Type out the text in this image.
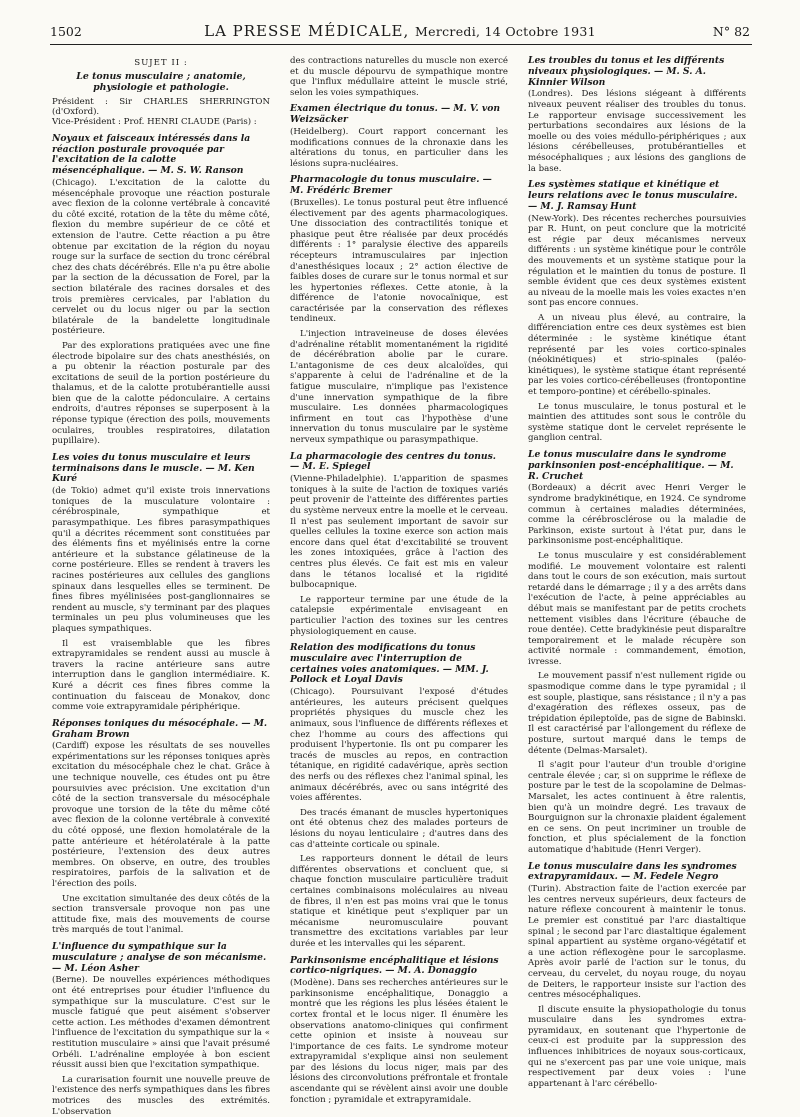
1502	LA PRESSE MÉDICALE, Mercredi, 14 Octobre 1931	N° 82
SUJET II :
Le tonus musculaire ; anatomie, physiologie et pathologie.
Président : Sir CHARLES SHERRINGTON (d'Oxford).
Vice-Président : Prof. HENRI CLAUDE (Paris) :
Noyaux et faisceaux intéressés dans la réaction posturale provoquée par l'excitation de la calotte mésencéphalique. — M. S. W. Ranson

(Chicago). L'excitation de la calotte du mésencéphale provoque une réaction posturale avec flexion de la colonne vertébrale à concavité du côté excité, rotation de la tête du même côté, flexion du membre supérieur de ce côté et extension de l'autre. Cette réaction a pu être obtenue par excitation de la région du noyau rouge sur la surface de section du tronc cérébral chez des chats décérébrés. Elle n'a pu être abolie par la section de la décussation de Forel, par la section bilatérale des racines dorsales et des trois premières cervicales, par l'ablation du cervelet ou du locus niger ou par la section bilatérale de la bandelette longitudinale postérieure.

Par des explorations pratiquées avec une fine électrode bipolaire sur des chats anesthésiés, on a pu obtenir la réaction posturale par des excitations de seuil de la portion postérieure du thalamus, et de la calotte protubérantielle aussi bien que de la calotte pédonculaire. A certains endroits, d'autres réponses se superposent à la réponse typique (érection des poils, mouvements oculaires, troubles respiratoires, dilatation pupillaire).

Les voies du tonus musculaire et leurs terminaisons dans le muscle. — M. Ken Kuré

(de Tokio) admet qu'il existe trois innervations toniques de la musculature volontaire : cérébrospinale, sympathique et parasympathique. Les fibres parasympathiques qu'il a décrites récemment sont constituées par des éléments fins et myélinisés entre la corne antérieure et la substance gélatineuse de la corne postérieure. Elles se rendent à travers les racines postérieures aux cellules des ganglions spinaux dans lesquelles elles se terminent. De fines fibres myélinisées post-ganglionnaires se rendent au muscle, s'y terminant par des plaques terminales un peu plus volumineuses que les plaques sympathiques.

Il est vraisemblable que les fibres extrapyramidales se rendent aussi au muscle à travers la racine antérieure sans autre interruption dans le ganglion intermédiaire. K. Kuré a décrit ces fines fibres comme la continuation du faisceau de Monakov, donc comme voie extrapyramidale périphérique.

Réponses toniques du mésocéphale. — M. Graham Brown

(Cardiff) expose les résultats de ses nouvelles expérimentations sur les réponses toniques après excitation du mésocéphale chez le chat. Grâce à une technique nouvelle, ces études ont pu être poursuivies avec précision. Une excitation d'un côté de la section transversale du mésocéphale provoque une torsion de la tête du même côté avec flexion de la colonne vertébrale à convexité du côté opposé, une flexion homolatérale de la patte antérieure et hétérolatérale à la patte postérieure, l'extension des deux autres membres. On observe, en outre, des troubles respiratoires, parfois de la salivation et de l'érection des poils.

Une excitation simultanée des deux côtés de la section transversale provoque non pas une attitude fixe, mais des mouvements de course très marqués de tout l'animal.

L'influence du sympathique sur la musculature ; analyse de son mécanisme. — M. Léon Asher

(Berne). De nouvelles expériences méthodiques ont été entreprises pour étudier l'influence du sympathique sur la musculature. C'est sur le muscle fatigué que peut aisément s'observer cette action. Les méthodes d'examen démontrent l'influence de l'excitation du sympathique sur la « restitution musculaire » ainsi que l'avait présumé Orbéli. L'adrénaline employée à bon escient réussit aussi bien que l'excitation sympathique.

La curarisation fournit une nouvelle preuve de l'existence des nerfs sympathiques dans les fibres motrices des muscles des extrémités. L'observation

des contractions naturelles du muscle non exercé et du muscle dépourvu de sympathique montre que l'influx médullaire atteint le muscle strié, selon les voies sympathiques.

Examen électrique du tonus. — M. V. von Weizsäcker

(Heidelberg). Court rapport concernant les modifications connues de la chronaxie dans les altérations du tonus, en particulier dans les lésions supra-nucléaires.

Pharmacologie du tonus musculaire. — M. Frédéric Bremer

(Bruxelles). Le tonus postural peut être influencé électivement par des agents pharmacologiques. Une dissociation des contractilités tonique et phasique peut être réalisée par deux procédés différents : 1° paralysie élective des appareils récepteurs intramusculaires par injection d'anesthésiques locaux ; 2° action élective de faibles doses de curare sur le tonus normal et sur les hypertonies réflexes. Cette atonie, à la différence de l'atonie novocaïnique, est caractérisée par la conservation des réflexes tendineux.

L'injection intraveineuse de doses élevées d'adrénaline rétablit momentanément la rigidité de décérébration abolie par le curare. L'antagonisme de ces deux alcaloïdes, qui s'apparente à celui de l'adrénaline et de la fatigue musculaire, n'implique pas l'existence d'une innervation sympathique de la fibre musculaire. Les données pharmacologiques infirment en tout cas l'hypothèse d'une innervation du tonus musculaire par le système nerveux sympathique ou parasympathique.

La pharmacologie des centres du tonus. — M. E. Spiegel

(Vienne-Philadelphie). L'apparition de spasmes toniques à la suite de l'action de toxiques variés peut provenir de l'atteinte des différentes parties du système nerveux entre la moelle et le cerveau. Il n'est pas seulement important de savoir sur quelles cellules la toxine exerce son action mais encore dans quel état d'excitabilité se trouvent les zones intoxiquées, grâce à l'action des centres plus élevés. Ce fait est mis en valeur dans le tétanos localisé et la rigidité bulbocapnique.

Le rapporteur termine par une étude de la catalepsie expérimentale envisageant en particulier l'action des toxines sur les centres physiologiquement en cause.

Relation des modifications du tonus musculaire avec l'interruption de certaines voies anatomiques. — MM. J. Pollock et Loyal Davis

(Chicago). Poursuivant l'exposé d'études antérieures, les auteurs précisent quelques propriétés physiques du muscle chez les animaux, sous l'influence de différents réflexes et chez l'homme au cours des affections qui produisent l'hypertonie. Ils ont pu comparer les tracés de muscles au repos, en contraction tétanique, en rigidité cadavérique, après section des nerfs ou des réflexes chez l'animal spinal, les animaux décérébrés, avec ou sans intégrité des voies afférentes.

Des tracés émanant de muscles hypertoniques ont été obtenus chez des malades porteurs de lésions du noyau lenticulaire ; d'autres dans des cas d'atteinte corticale ou spinale.

Les rapporteurs donnent le détail de leurs différentes observations et concluent que, si chaque fonction musculaire particulière traduit certaines combinaisons moléculaires au niveau de fibres, il n'en est pas moins vrai que le tonus statique et kinétique peut s'expliquer par un mécanisme neuromusculaire pouvant transmettre des excitations variables par leur durée et les intervalles qui les séparent.

Parkinsonisme encéphalitique et lésions cortico-nigriques. — M. A. Donaggio

(Modène). Dans ses recherches antérieures sur le parkinsonisme encéphalitique, Donaggio a montré que les régions les plus lésées étaient le cortex frontal et le locus niger. Il énumère les observations anatomo-cliniques qui confirment cette opinion et insiste à nouveau sur l'importance de ces faits. Le syndrome moteur extrapyramidal s'explique ainsi non seulement par des lésions du locus niger, mais par des lésions des circonvolutions préfrontale et frontale ascendante qui se révèlent ainsi avoir une double fonction ; pyramidale et extrapyramidale.

Les troubles du tonus et les différents niveaux physiologiques. — M. S. A. Kinnier Wilson

(Londres). Des lésions siégeant à différents niveaux peuvent réaliser des troubles du tonus. Le rapporteur envisage successivement les perturbations secondaires aux lésions de la moelle ou des voies médullo-périphériques ; aux lésions cérébelleuses, protubérantielles et mésocéphaliques ; aux lésions des ganglions de la base.

Les systèmes statique et kinétique et leurs relations avec le tonus musculaire. — M. J. Ramsay Hunt

(New-York). Des récentes recherches poursuivies par R. Hunt, on peut conclure que la motricité est régie par deux mécanismes nerveux différents : un système kinétique pour le contrôle des mouvements et un système statique pour la régulation et le maintien du tonus de posture. Il semble évident que ces deux systèmes existent au niveau de la moelle mais les voies exactes n'en sont pas encore connues.

A un niveau plus élevé, au contraire, la différenciation entre ces deux systèmes est bien déterminée : le système kinétique étant représenté par les voies cortico-spinales (néokinétiques) et strio-spinales (paléo-kinétiques), le système statique étant représenté par les voies cortico-cérébelleuses (frontopontine et temporo-pontine) et cérébello-spinales.

Le tonus musculaire, le tonus postural et le maintien des attitudes sont sous le contrôle du système statique dont le cervelet représente le ganglion central.

Le tonus musculaire dans le syndrome parkinsonien post-encéphalitique. — M. R. Cruchet

(Bordeaux) a décrit avec Henri Verger le syndrome bradykinétique, en 1924. Ce syndrome commun à certaines maladies déterminées, comme la cérébrosclérose ou la maladie de Parkinson, existe surtout à l'état pur, dans le parkinsonisme post-encéphalitique.

Le tonus musculaire y est considérablement modifié. Le mouvement volontaire est ralenti dans tout le cours de son exécution, mais surtout retardé dans le démarrage ; il y a des arrêts dans l'exécution de l'acte, à peine appréciables au début mais se manifestant par de petits crochets nettement visibles dans l'écriture (ébauche de roue dentée). Cette bradykinésie peut disparaître temporairement et le malade récupère son activité normale : commandement, émotion, ivresse.

Le mouvement passif n'est nullement rigide ou spasmodique comme dans le type pyramidal ; il est souple, plastique, sans résistance ; il n'y a pas d'exagération des réflexes osseux, pas de trépidation épileptoïde, pas de signe de Babinski. Il est caractérisé par l'allongement du réflexe de posture, surtout marqué dans le temps de détente (Delmas-Marsalet).

Il s'agit pour l'auteur d'un trouble d'origine centrale élevée ; car, si on supprime le réflexe de posture par le test de la scopolamine de Delmas-Marsalet, les actes continuent à être ralentis, bien qu'à un moindre degré. Les travaux de Bourguignon sur la chronaxie plaident également en ce sens. On peut incriminer un trouble de fonction, et plus spécialement de la fonction automatique d'habitude (Henri Verger).

Le tonus musculaire dans les syndromes extrapyramidaux. — M. Fedele Negro

(Turin). Abstraction faite de l'action exercée par les centres nerveux supérieurs, deux facteurs de nature réflexe concourent à maintenir le tonus. Le premier est constitué par l'arc diastaltique spinal ; le second par l'arc diastaltique également spinal appartient au système organo-végétatif et a une action réflexogène pour le sarcoplasme. Après avoir parlé de l'action sur le tonus, du cerveau, du cervelet, du noyau rouge, du noyau de Deiters, le rapporteur insiste sur l'action des centres mésocéphaliques.

Il discute ensuite la physiopathologie du tonus musculaire dans les syndromes extra-pyramidaux, en soutenant que l'hypertonie de ceux-ci est produite par la suppression des influences inhibitrices de noyaux sous-corticaux, qui ne s'exercent pas par une voie unique, mais respectivement par deux voies : l'une appartenant à l'arc cérébello-
